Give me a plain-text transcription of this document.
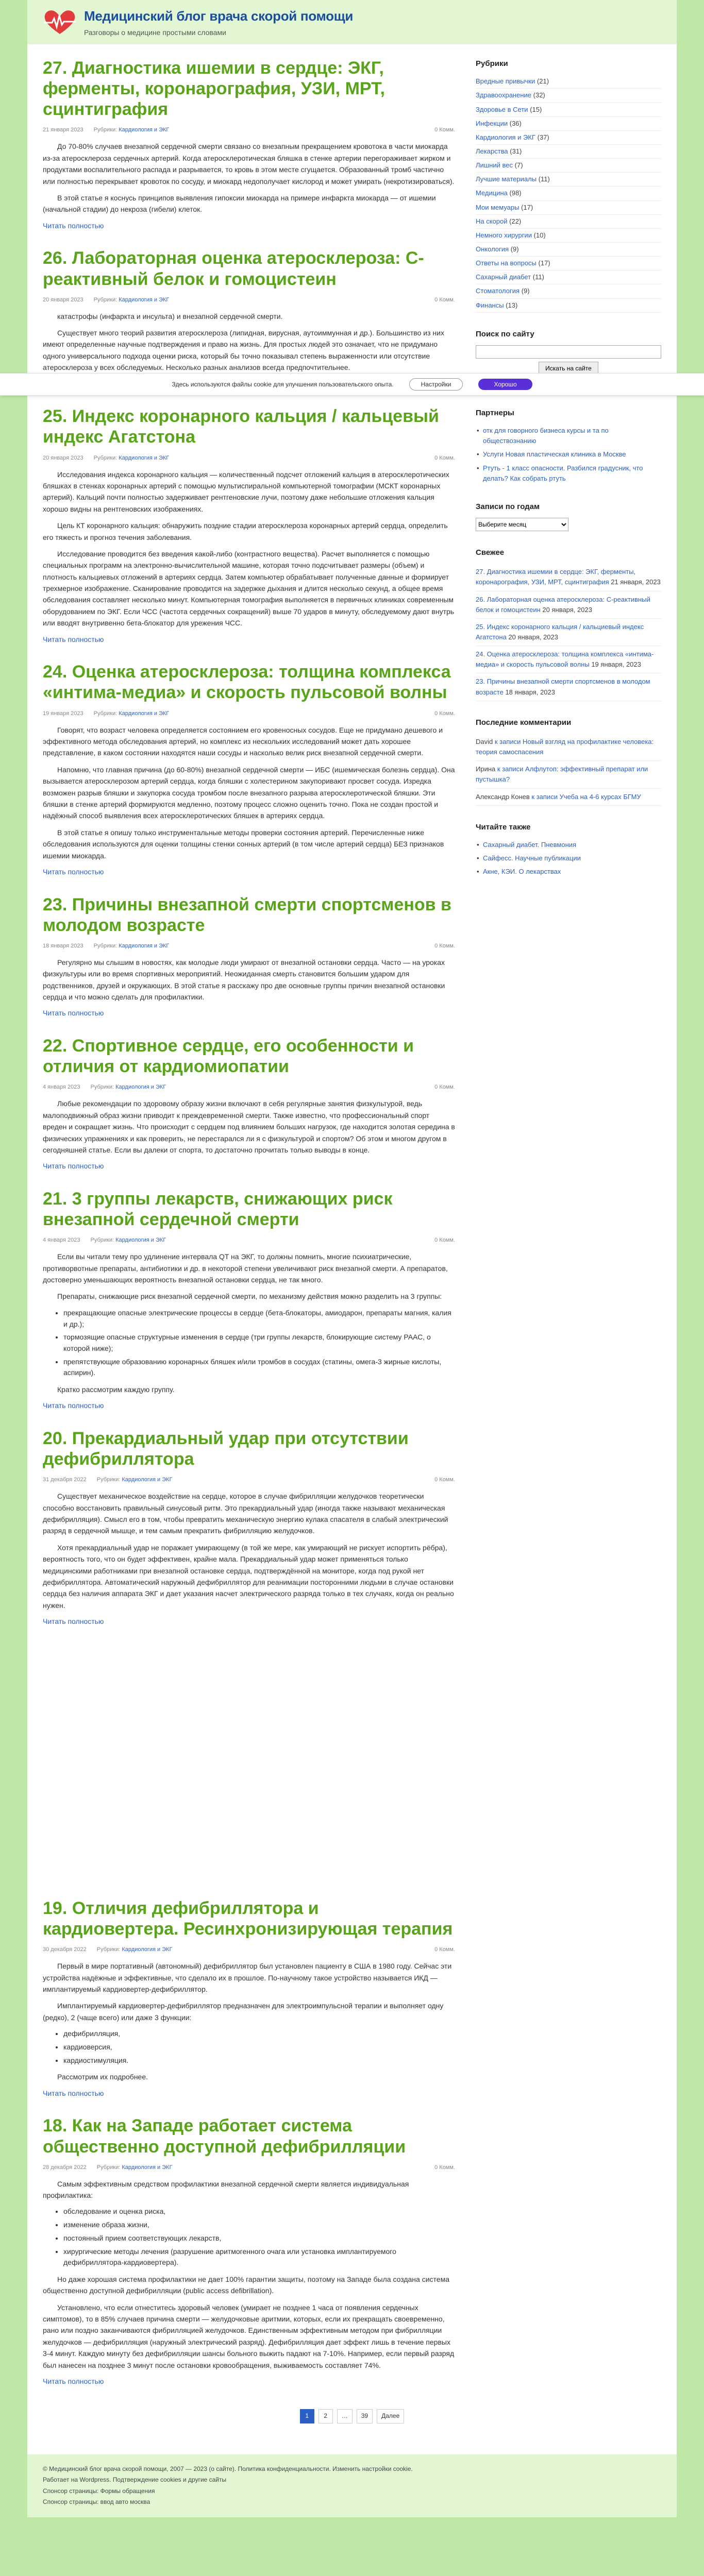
Медицинский блог врача скорой помощи
Разговоры о медицине простыми словами
27. Диагностика ишемии в сердце: ЭКГ, ферменты, коронарография, УЗИ, МРТ, сцинтиграфия
21 января 2023 Рубрики: Кардиология и ЭКГ	0 Комм.

До 70-80% случаев внезапной сердечной смерти связано со внезапным прекращением кровотока в части миокарда из-за атеросклероза сердечных артерий. Когда атеросклеротическая бляшка в стенке артерии перегораживает жирком и продуктами воспалительного распада и разрывается, то кровь в этом месте сгущается. Образованный тромб частично или полностью перекрывает кровоток по сосуду, и миокард недополучает кислород и может умирать (некротизироваться).

В этой статье я коснусь принципов выявления гипоксии миокарда на примере инфаркта миокарда — от ишемии (начальной стадии) до некроза (гибели) клеток.

Читать полностью
26. Лабораторная оценка атеросклероза: С-реактивный белок и гомоцистеин
20 января 2023 Рубрики: Кардиология и ЭКГ	0 Комм.

катастрофы (инфаркта и инсульта) и внезапной сердечной смерти.

Существует много теорий развития атеросклероза (липидная, вирусная, аутоиммунная и др.). Большинство из них имеют определенные научные подтверждения и право на жизнь. Для простых людей это означает, что не придумано одного универсального подхода оценки риска, который бы точно показывал степень выраженности или отсутствие атеросклероза у всех обследуемых. Несколько разных анализов всегда предпочтительнее.

25. Индекс коронарного кальция / кальцевый индекс Агатстона
20 января 2023 Рубрики: Кардиология и ЭКГ	0 Комм.

Исследования индекса коронарного кальция — количественный подсчет отложений кальция в атеросклеротических бляшках в стенках коронарных артерий с помощью мультиспиральной компьютерной томографии (МСКТ коронарных артерий). Кальций почти полностью задерживает рентгеновские лучи, поэтому даже небольшие отложения кальция хорошо видны на рентгеновских изображениях.

Цель КТ коронарного кальция: обнаружить поздние стадии атеросклероза коронарных артерий сердца, определить его тяжесть и прогноз течения заболевания.

Исследование проводится без введения какой-либо (контрастного вещества). Расчет выполняется с помощью специальных программ на электронно-вычислительной машине, которая точно подсчитывает размеры (объем) и плотность кальциевых отложений в артериях сердца. Затем компьютер обрабатывает полученные данные и формирует трехмерное изображение. Сканирование проводится на задержке дыхания и длится несколько секунд, а общее время обследования составляет несколько минут. Компьютерная томография выполняется в первичных клиниках современным оборудованием по ЭКГ. Если ЧСС (частота сердечных сокращений) выше 70 ударов в минуту, обследуемому дают внутрь или вводят внутривенно бета-блокатор для урежения ЧСС.

Читать полностью
24. Оценка атеросклероза: толщина комплекса «интима-медиа» и скорость пульсовой волны
19 января 2023 Рубрики: Кардиология и ЭКГ	0 Комм.

Говорят, что возраст человека определяется состоянием его кровеносных сосудов. Еще не придумано дешевого и эффективного метода обследования артерий, но комплекс из нескольких исследований может дать хорошее представление, в каком состоянии находятся наши сосуды и насколько велик риск внезапной сердечной смерти.

Напомню, что главная причина (до 60-80%) внезапной сердечной смерти — ИБС (ишемическая болезнь сердца). Она вызывается атеросклерозом артерий сердца, когда бляшки с холестерином закупоривают просвет сосуда. Изредка возможен разрыв бляшки и закупорка сосуда тромбом после внезапного разрыва атеросклеротической бляшки. Эти бляшки в стенке артерий формируются медленно, поэтому процесс сложно оценить точно. Пока не создан простой и надёжный способ выявления всех атеросклеротических бляшек в артериях сердца.

В этой статье я опишу только инструментальные методы проверки состояния артерий. Перечисленные ниже обследования используются для оценки толщины стенки сонных артерий (в том числе артерий сердца) БЕЗ признаков ишемии миокарда.

Читать полностью
23. Причины внезапной смерти спортсменов в молодом возрасте
18 января 2023 Рубрики: Кардиология и ЭКГ	0 Комм.

Регулярно мы слышим в новостях, как молодые люди умирают от внезапной остановки сердца. Часто — на уроках физкультуры или во время спортивных мероприятий. Неожиданная смерть становится большим ударом для родственников, друзей и окружающих. В этой статье я расскажу про две основные группы причин внезапной остановки сердца и что можно сделать для профилактики.

Читать полностью
22. Спортивное сердце, его особенности и отличия от кардиомиопатии
4 января 2023 Рубрики: Кардиология и ЭКГ	0 Комм.

Любые рекомендации по здоровому образу жизни включают в себя регулярные занятия физкультурой, ведь малоподвижный образ жизни приводит к преждевременной смерти. Также известно, что профессиональный спорт вреден и сокращает жизнь. Что происходит с сердцем под влиянием больших нагрузок, где находится золотая середина в физических упражнениях и как проверить, не перестарался ли я с физкультурой и спортом? Об этом и многом другом в сегодняшней статье. Если вы далеки от спорта, то достаточно прочитать только выводы в конце.

Читать полностью
21. 3 группы лекарств, снижающих риск внезапной сердечной смерти
4 января 2023 Рубрики: Кардиология и ЭКГ	0 Комм.

Если вы читали тему про удлинение интервала QT на ЭКГ, то должны помнить, многие психиатрические, противорвотные препараты, антибиотики и др. в некоторой степени увеличивают риск внезапной смерти. А препаратов, достоверно уменьшающих вероятность внезапной остановки сердца, не так много.

Препараты, снижающие риск внезапной сердечной смерти, по механизму действия можно разделить на 3 группы:

• прекращающие опасные электрические процессы в сердце (бета-блокаторы, амиодарон, препараты магния, калия и др.);
• тормозящие опасные структурные изменения в сердце (три группы лекарств, блокирующие систему РААС, о которой ниже);
• препятствующие образованию коронарных бляшек и/или тромбов в сосудах (статины, омега-3 жирные кислоты, аспирин).

Кратко рассмотрим каждую группу.

Читать полностью
20. Прекардиальный удар при отсутствии дефибриллятора
31 декабря 2022 Рубрики: Кардиология и ЭКГ	0 Комм.

Существует механическое воздействие на сердце, которое в случае фибрилляции желудочков теоретически способно восстановить правильный синусовый ритм. Это прекардиальный удар (иногда также называют механическая дефибрилляция). Смысл его в том, чтобы превратить механическую энергию кулака спасателя в слабый электрический разряд в сердечной мышце, и тем самым прекратить фибрилляцию желудочков.

Хотя прекардиальный удар не поражает умирающему (в той же мере, как умирающий не рискует испортить рёбра), вероятность того, что он будет эффективен, крайне мала. Прекардиальный удар может применяться только медицинскими работниками при внезапной остановке сердца, подтверждённой на мониторе, когда под рукой нет дефибриллятора. Автоматический наружный дефибриллятор для реанимации посторонними людьми в случае остановки сердца без наличия аппарата ЭКГ и дает указания насчет электрического разряда только в тех случаях, когда он реально нужен.

Читать полностью
19. Отличия дефибриллятора и кардиовертера. Ресинхронизирующая терапия
30 декабря 2022 Рубрики: Кардиология и ЭКГ	0 Комм.

Первый в мире портативный (автономный) дефибриллятор был установлен пациенту в США в 1980 году. Сейчас эти устройства надёжные и эффективные, что сделало их в прошлое. По-научному такое устройство называется ИКД — имплантируемый кардиовертер-дефибриллятор.

Имплантируемый кардиовертер-дефибриллятор предназначен для электроимпульсной терапии и выполняет одну (редко), 2 (чаще всего) или даже 3 функции:

• дефибрилляция,
• кардиоверсия,
• кардиостимуляция.

Рассмотрим их подробнее.

Читать полностью
18. Как на Западе работает система общественно доступной дефибрилляции
28 декабря 2022 Рубрики: Кардиология и ЭКГ	0 Комм.

Самым эффективным средством профилактики внезапной сердечной смерти является индивидуальная профилактика:

• обследование и оценка риска,
• изменение образа жизни,
• постоянный прием соответствующих лекарств,
• хирургические методы лечения (разрушение аритмогенного очага или установка имплантируемого дефибриллятора-кардиовертера).

Но даже хорошая система профилактики не дает 100% гарантии защиты, поэтому на Западе была создана система общественно доступной дефибрилляции (public access defibrillation).

Установлено, что если отнеститесь здоровый человек (умирает не позднее 1 часа от появления сердечных симптомов), то в 85% случаев причина смерти — желудочковые аритмии, которых, если их прекращать своевременно, рано или поздно заканчиваются фибрилляцией желудочков. Единственным эффективным методом при фибрилляции желудочков — дефибрилляция (наружный электрический разряд). Дефибрилляция дает эффект лишь в течение первых 3-4 минут. Каждую минуту без дефибрилляции шансы больного выжить падают на 7-10%. Например, если первый разряд был нанесен на позднее 3 минут после остановки кровообращения, выживаемость составляет 74%.

Читать полностью
Рубрики
Вредные привычки (21)
Здравоохранение (32)
Здоровье в Сети (15)
Инфекции (36)
Кардиология и ЭКГ (37)
Лекарства (31)
Лишний вес (7)
Лучшие материалы (11)
Медицина (98)
Мои мемуары (17)
На скорой (22)
Немного хирургии (10)
Онкология (9)
Ответы на вопросы (17)
Сахарный диабет (11)
Стоматология (9)
Финансы (13)
Поиск по сайту
Искать на сайте
Бег
Партнеры
• отк для говорного бизнеса курсы и та по обществознанию
• Услуги Новая пластическая клиника в Москве
• Ртуть - 1 класс опасности. Разбился градусник, что делать? Как собрать ртуть
Записи по годам
Выберите месяц
Свежее
27. Диагностика ишемии в сердце: ЭКГ, ферменты, коронарография, УЗИ, МРТ, сцинтиграфия 21 января, 2023
26. Лабораторная оценка атеросклероза: С-реактивный белок и гомоцистеин 20 января, 2023
25. Индекс коронарного кальция / кальциевый индекс Агатстона 20 января, 2023
24. Оценка атеросклероза: толщина комплекса «интима-медиа» и скорость пульсовой волны 19 января, 2023
23. Причины внезапной смерти спортсменов в молодом возрасте 18 января, 2023
Последние комментарии
David к записи Новый взгляд на профилактике человека: теория самоспасения
Ирина к записи Алфлутоп: эффективный препарат или пустышка?
Александр Конев к записи Учеба на 4-6 курсах БГМУ
Читайте также
• Сахарный диабет. Пневмония
• Сайфесс. Научные публикации
• Акне, КЭИ. О лекарствах
1	2	…	39	Далее
© Медицинский блог врача скорой помощи, 2007 — 2023 (о сайте). Политика конфиденциальности. Изменить настройки cookie.
Работает на Wordpress. Подтверждение cookies и другие сайты
Спонсор страницы: Формы обращения
Спонсор страницы: ввод авто москва
Здесь используются файлы cookie для улучшения пользовательского опыта.	Настройки	Хорошо
